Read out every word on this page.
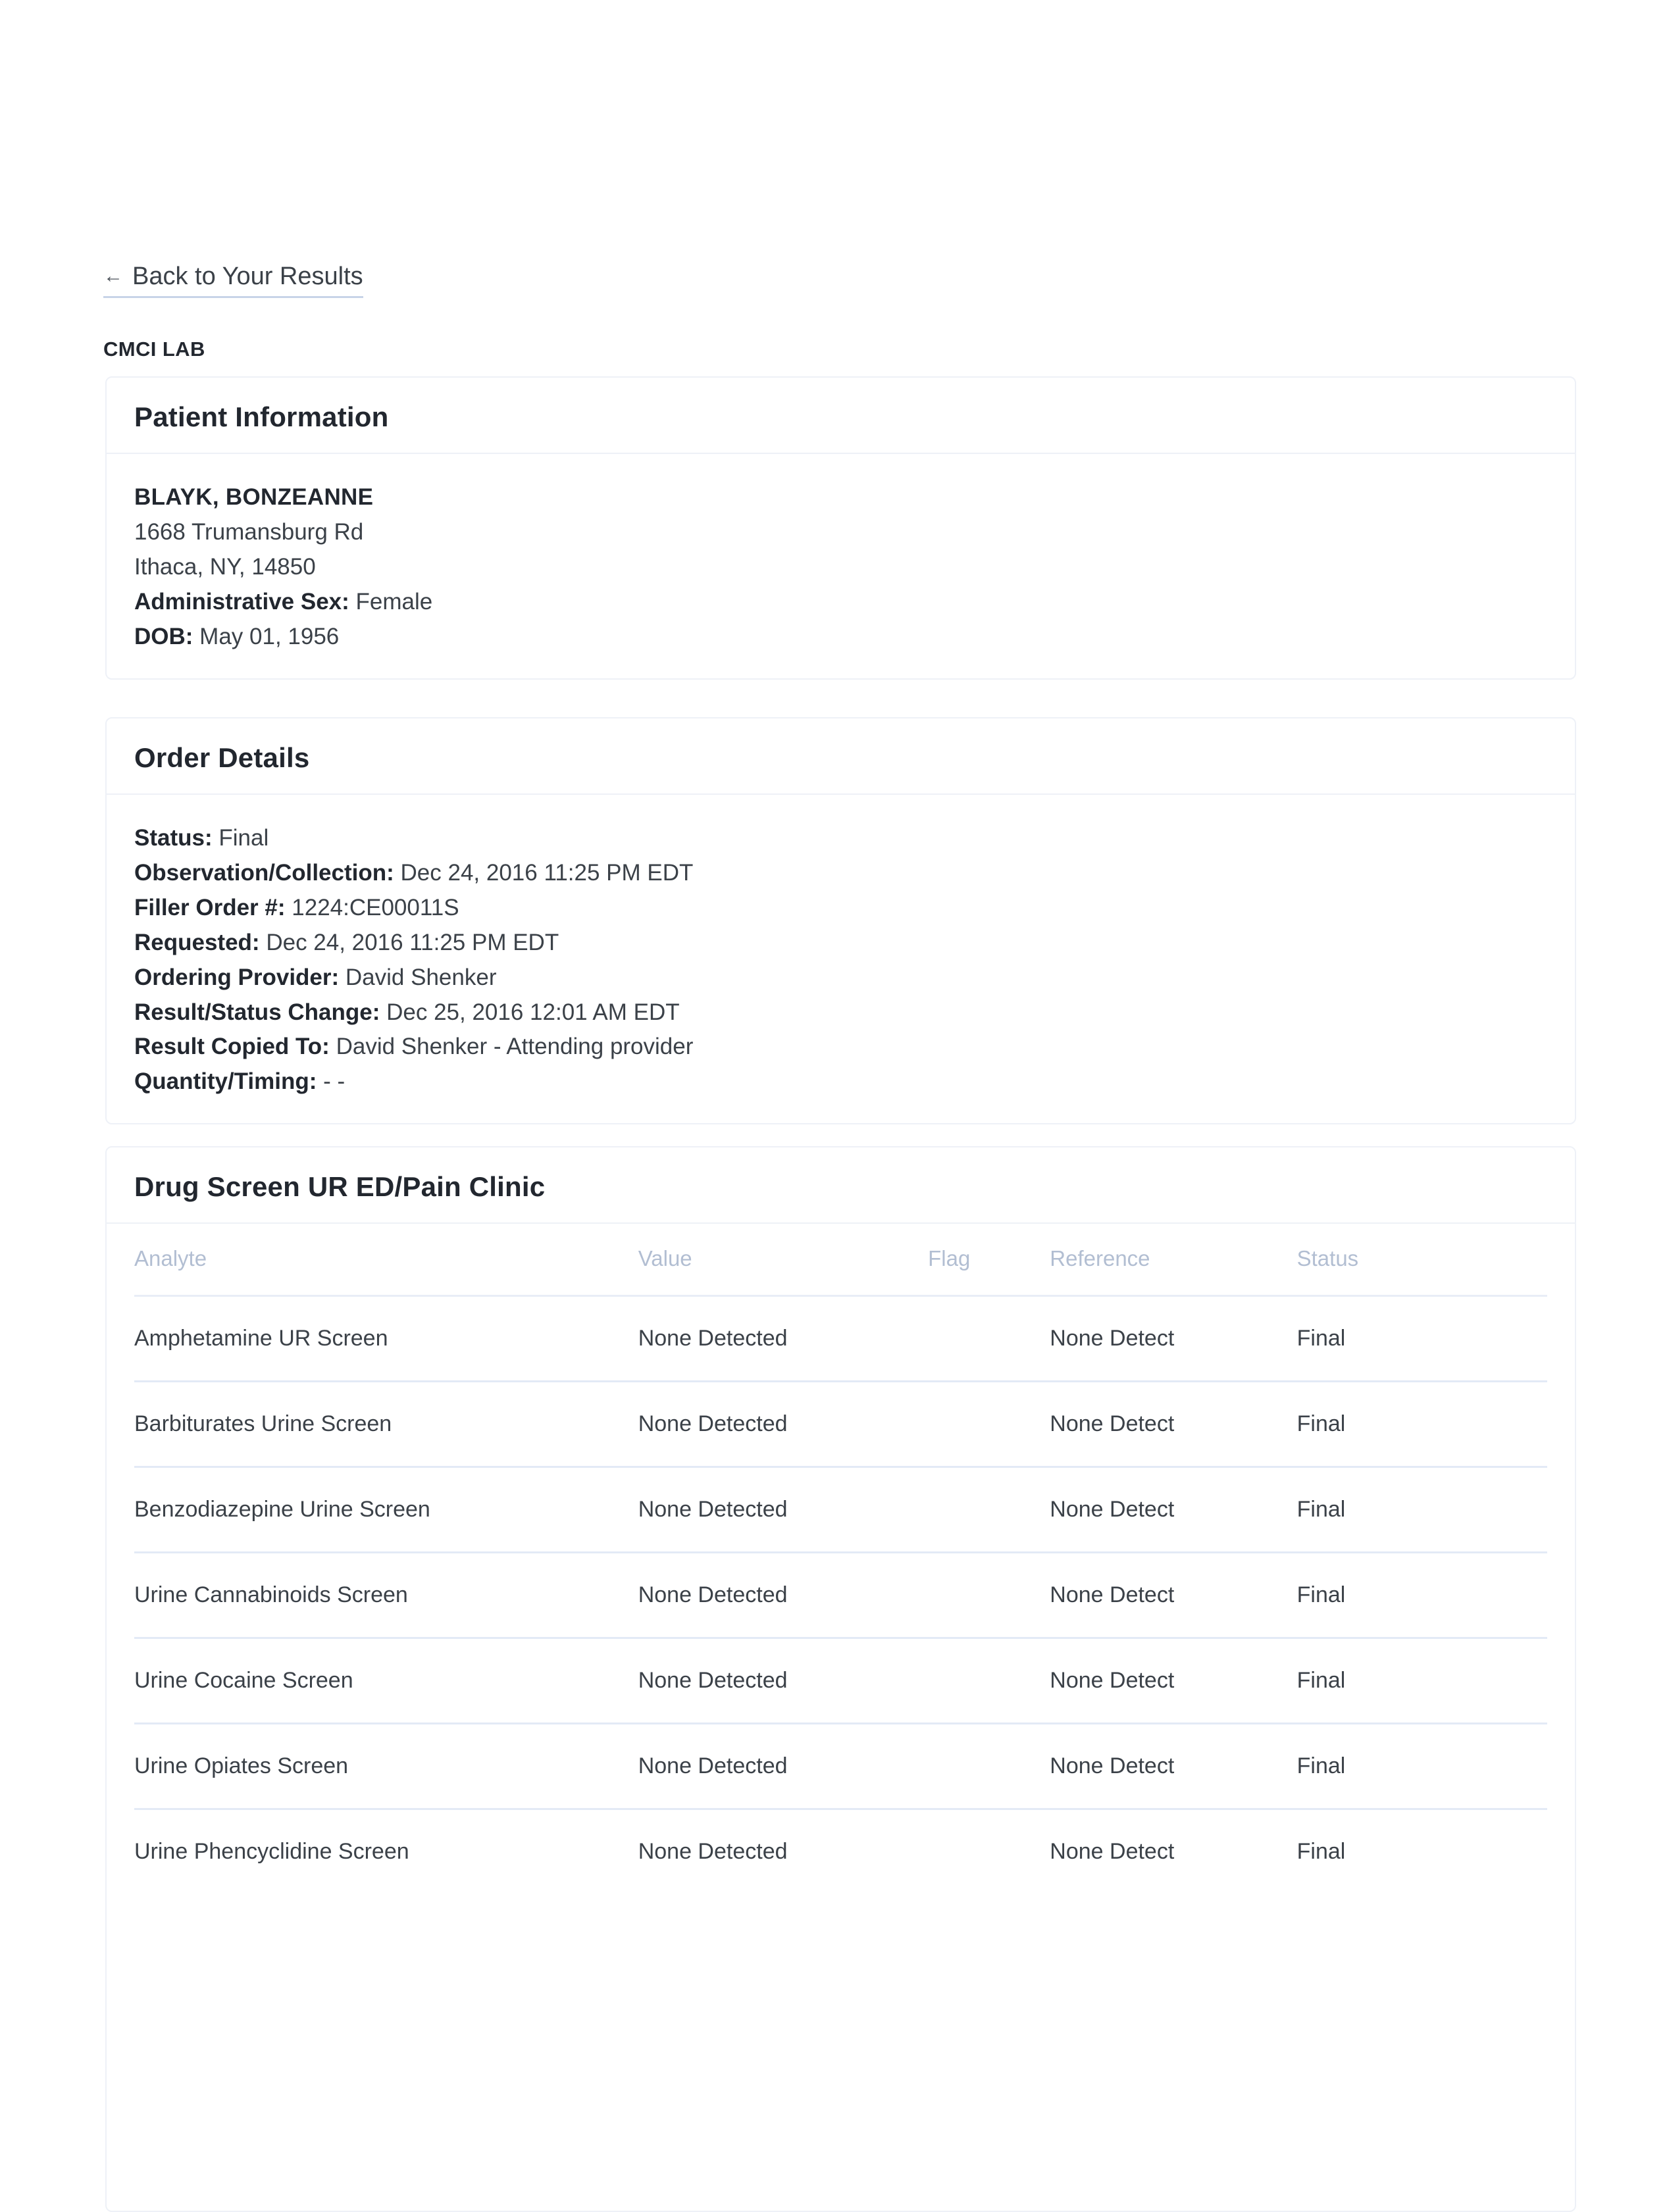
← Back to Your Results
CMCI LAB
Patient Information
BLAYK, BONZEANNE
1668 Trumansburg Rd
Ithaca, NY, 14850
Administrative Sex: Female
DOB: May 01, 1956
Order Details
Status: Final
Observation/Collection: Dec 24, 2016 11:25 PM EDT
Filler Order #: 1224:CE00011S
Requested: Dec 24, 2016 11:25 PM EDT
Ordering Provider: David Shenker
Result/Status Change: Dec 25, 2016 12:01 AM EDT
Result Copied To: David Shenker - Attending provider
Quantity/Timing: - -
Drug Screen UR ED/Pain Clinic
Analyte	Value	Flag	Reference	Status
Amphetamine UR Screen	None Detected		None Detect	Final
Barbiturates Urine Screen	None Detected		None Detect	Final
Benzodiazepine Urine Screen	None Detected		None Detect	Final
Urine Cannabinoids Screen	None Detected		None Detect	Final
Urine Cocaine Screen	None Detected		None Detect	Final
Urine Opiates Screen	None Detected		None Detect	Final
Urine Phencyclidine Screen	None Detected		None Detect	Final
